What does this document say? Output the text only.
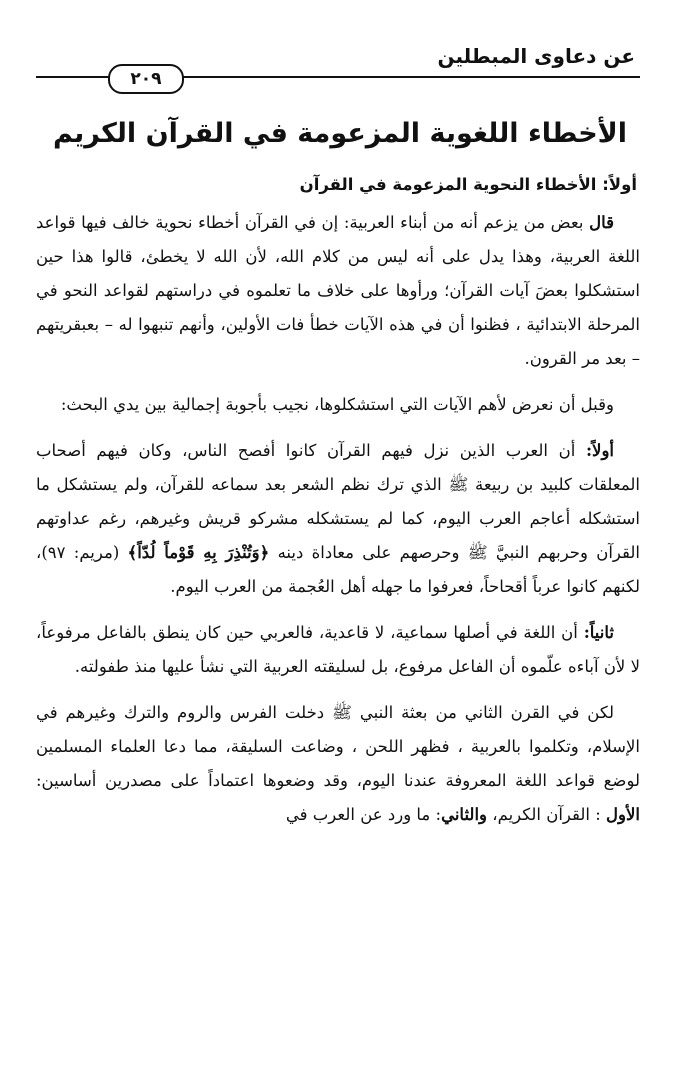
عن دعاوى المبطلين
٢٠٩
الأخطاء اللغوية المزعومة في القرآن الكريم
أولاً: الأخطاء النحوية المزعومة في القرآن

قال بعض من يزعم أنه من أبناء العربية: إن في القرآن أخطاء نحوية خالف فيها قواعد اللغة العربية، وهذا يدل على أنه ليس من كلام الله، لأن الله لا يخطئ، قالوا هذا حين استشكلوا بعضَ آيات القرآن؛ ورأوها على خلاف ما تعلموه في دراستهم لقواعد النحو في المرحلة الابتدائية ، فظنوا أن في هذه الآيات خطأ فات الأولين، وأنهم تنبهوا له – بعبقريتهم – بعد مر القرون.

وقبل أن نعرض لأهم الآيات التي استشكلوها، نجيب بأجوبة إجمالية بين يدي البحث:

أولاً: أن العرب الذين نزل فيهم القرآن كانوا أفصح الناس، وكان فيهم أصحاب المعلقات كلبيد بن ربيعة ﷺ الذي ترك نظم الشعر بعد سماعه للقرآن، ولم يستشكل ما استشكله أعاجم العرب اليوم، كما لم يستشكله مشركو قريش وغيرهم، رغم عداوتهم القرآن وحربهم النبيَّ ﷺ وحرصهم على معاداة دينه ﴿وَتُنْذِرَ بِهِ قَوْماً لُدّاً﴾ (مريم: ٩٧)، لكنهم كانوا عرباً أقحاحاً، فعرفوا ما جهله أهل العُجمة من العرب اليوم.

ثانياً: أن اللغة في أصلها سماعية، لا قاعدية، فالعربي حين كان ينطق بالفاعل مرفوعاً، لا لأن آباءه علّموه أن الفاعل مرفوع، بل لسليقته العربية التي نشأ عليها منذ طفولته.

لكن في القرن الثاني من بعثة النبي ﷺ دخلت الفرس والروم والترك وغيرهم في الإسلام، وتكلموا بالعربية ، فظهر اللحن ، وضاعت السليقة، مما دعا العلماء المسلمين لوضع قواعد اللغة المعروفة عندنا اليوم، وقد وضعوها اعتماداً على مصدرين أساسين: الأول : القرآن الكريم، والثاني: ما ورد عن العرب في
